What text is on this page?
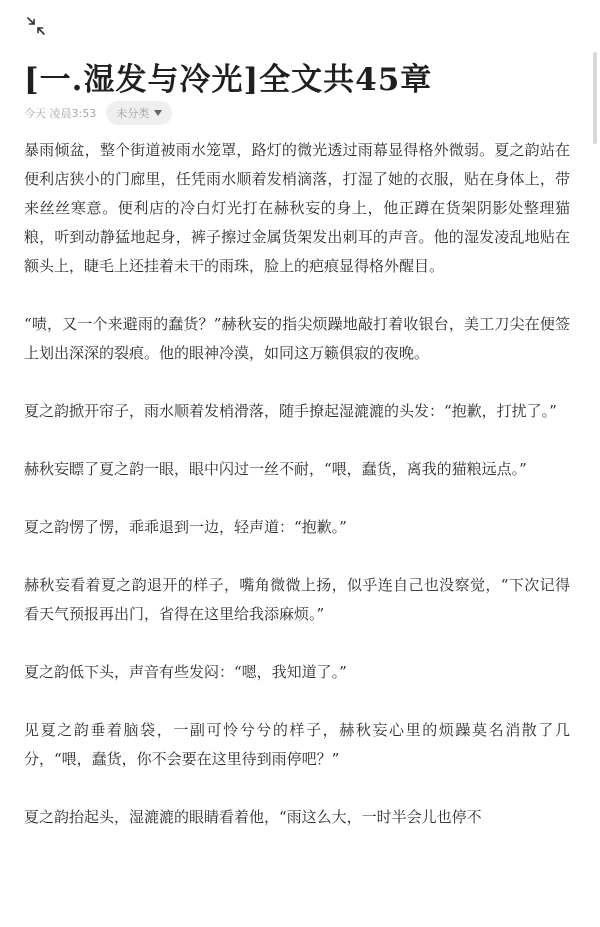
[一.湿发与冷光]全文共45章
今天 凌晨3:53 未分类

暴雨倾盆，整个街道被雨水笼罩，路灯的微光透过雨幕显得格外微弱。夏之韵站在便利店狭小的门廊里，任凭雨水顺着发梢滴落，打湿了她的衣服，贴在身体上，带来丝丝寒意。便利店的冷白灯光打在赫秋妄的身上，他正蹲在货架阴影处整理猫粮，听到动静猛地起身，裤子擦过金属货架发出刺耳的声音。他的湿发凌乱地贴在额头上，睫毛上还挂着未干的雨珠，脸上的疤痕显得格外醒目。

“啧，又一个来避雨的蠢货？”赫秋妄的指尖烦躁地敲打着收银台，美工刀尖在便签上划出深深的裂痕。他的眼神冷漠，如同这万籁俱寂的夜晚。

夏之韵掀开帘子，雨水顺着发梢滑落，随手撩起湿漉漉的头发：“抱歉，打扰了。”

赫秋妄瞟了夏之韵一眼，眼中闪过一丝不耐，“喂，蠢货，离我的猫粮远点。”

夏之韵愣了愣，乖乖退到一边，轻声道：“抱歉。”

赫秋妄看着夏之韵退开的样子，嘴角微微上扬，似乎连自己也没察觉，“下次记得看天气预报再出门，省得在这里给我添麻烦。”

夏之韵低下头，声音有些发闷：“嗯，我知道了。”

见夏之韵垂着脑袋，一副可怜兮兮的样子，赫秋妄心里的烦躁莫名消散了几分，“喂，蠢货，你不会要在这里待到雨停吧？”

夏之韵抬起头，湿漉漉的眼睛看着他，“雨这么大，一时半会儿也停不
